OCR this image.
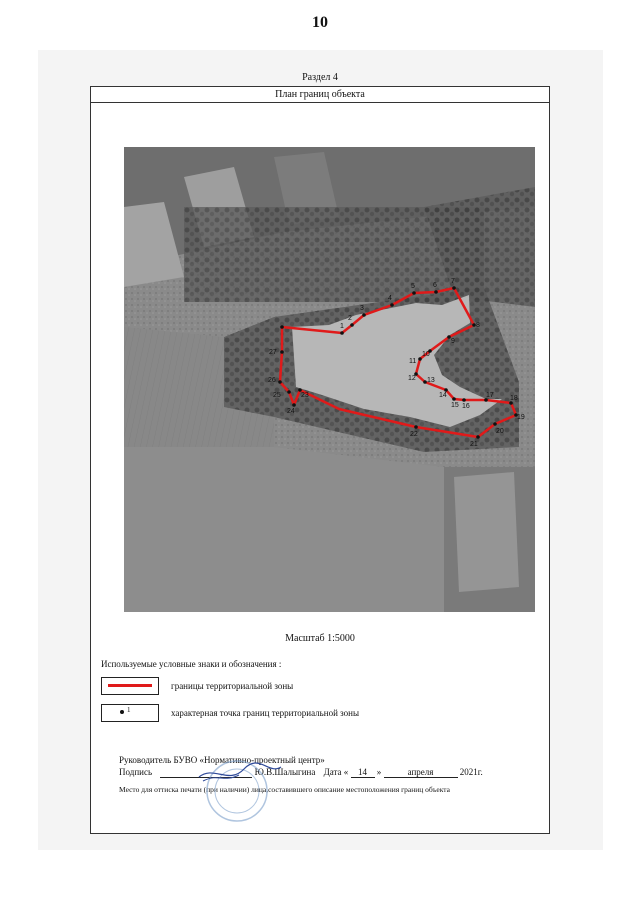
10
Раздел 4
План границ объекта
1
2
3
4
5	6
7
8
9
10
11
12 13
14
15 16
17 18
19
20
21
22
23
24
25
26
27
Масштаб 1:5000
Используемые условные знаки и обозначения :
границы территориальной зоны
1	характерная точка границ территориальной зоны
Руководитель БУВО «Нормативно-проектный центр»
Подпись	Ю.В.Шалыгина Дата « 14 »	апреля	2021г.
Место для оттиска печати (при наличии) лица,составившего описание местоположения границ объекта
